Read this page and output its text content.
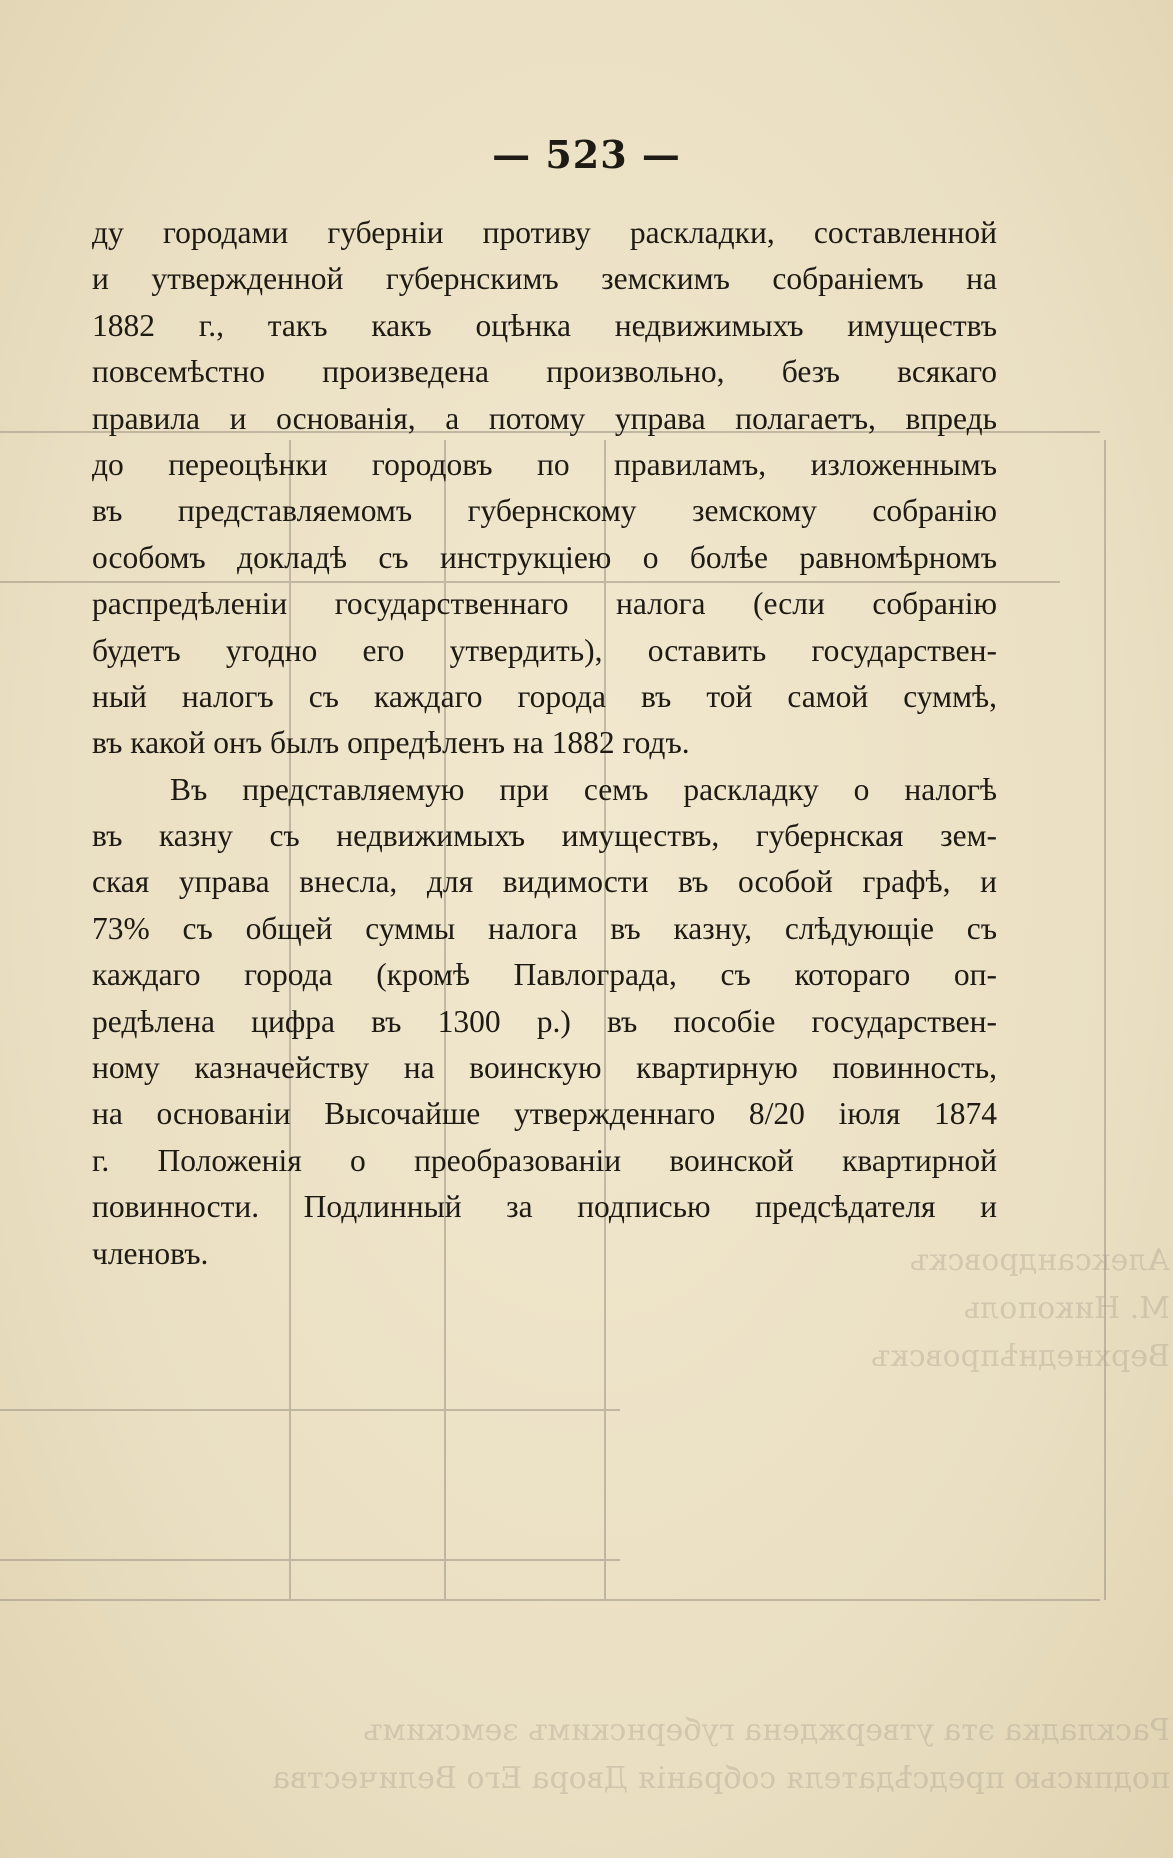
Александровскъ
М. Никополь
Верхнеднѣпровскъ
Раскладка эта утверждена губернскимъ земскимъ
подписью предсѣдателя собранія Двора Его Величества
— 523 —
ду городами губерніи противу раскладки, составленной
и утвержденной губернскимъ земскимъ собраніемъ на
1882 г., такъ какъ оцѣнка недвижимыхъ имуществъ
повсемѣстно произведена произвольно, безъ всякаго
правила и основанія, а потому управа полагаетъ, впредь
до переоцѣнки городовъ по правиламъ, изложеннымъ
въ представляемомъ губернскому земскому собранію
особомъ докладѣ съ инструкціею о болѣе равномѣрномъ
распредѣленіи государственнаго налога (если собранію
будетъ угодно его утвердить), оставить государствен-
ный налогъ съ каждаго города въ той самой суммѣ,
въ какой онъ былъ опредѣленъ на 1882 годъ.
Въ представляемую при семъ раскладку о налогѣ
въ казну съ недвижимыхъ имуществъ, губернская зем-
ская управа внесла, для видимости въ особой графѣ, и
73% съ общей суммы налога въ казну, слѣдующіе съ
каждаго города (кромѣ Павлограда, съ котораго оп-
редѣлена цифра въ 1300 р.) въ пособіе государствен-
ному казначейству на воинскую квартирную повинность,
на основаніи Высочайше утвержденнаго 8/20 іюля 1874
г. Положенія о преобразованіи воинской квартирной
повинности. Подлинный за подписью предсѣдателя и
членовъ.
